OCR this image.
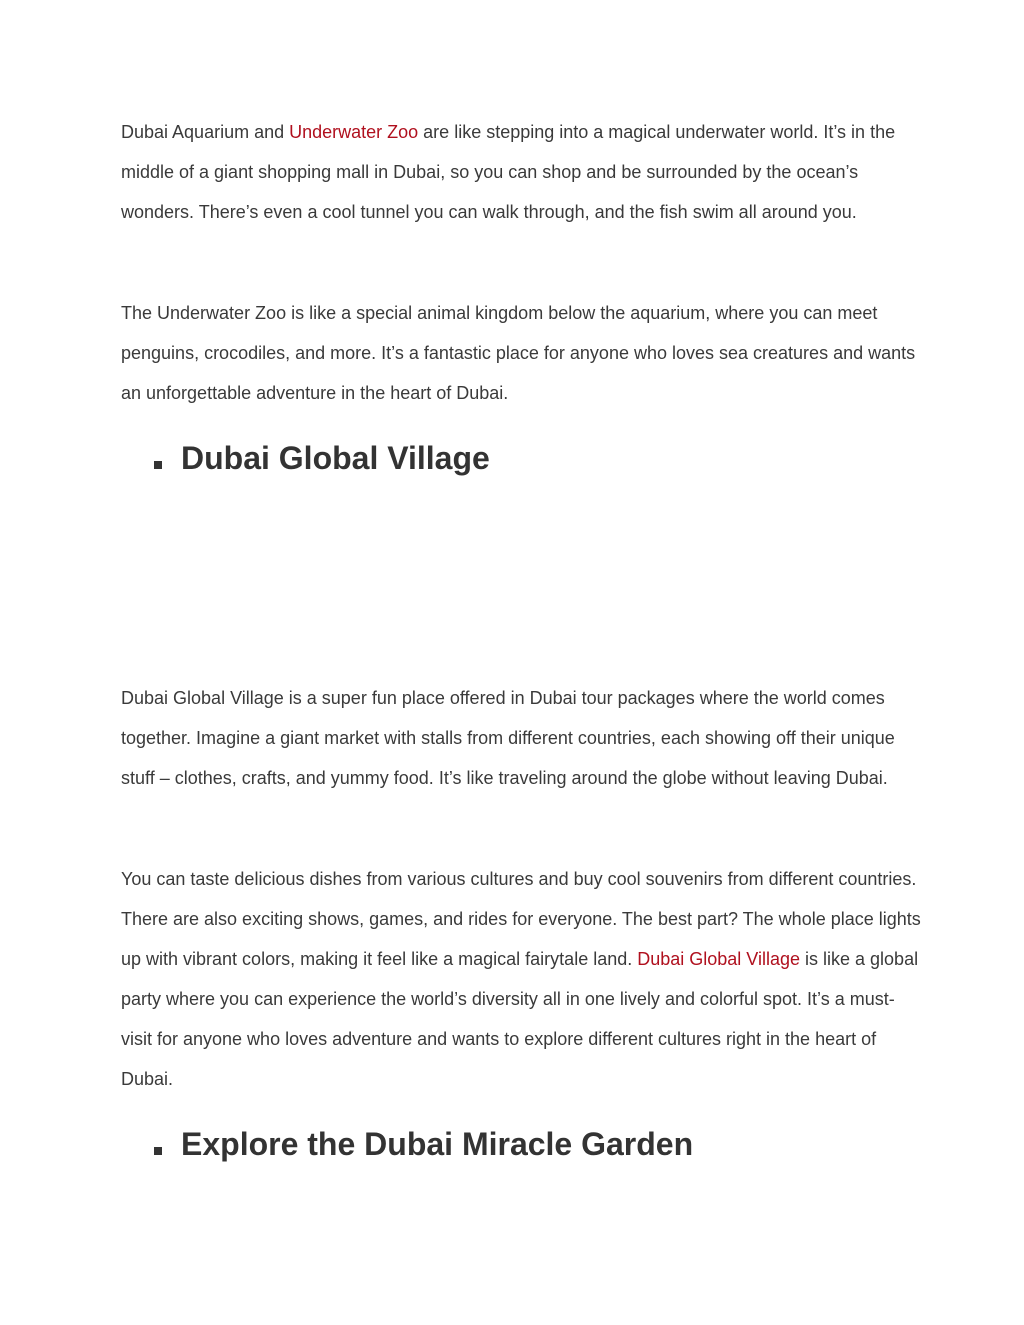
Dubai Aquarium and Underwater Zoo are like stepping into a magical underwater world. It’s in the middle of a giant shopping mall in Dubai, so you can shop and be surrounded by the ocean’s wonders. There’s even a cool tunnel you can walk through, and the fish swim all around you.

The Underwater Zoo is like a special animal kingdom below the aquarium, where you can meet penguins, crocodiles, and more. It’s a fantastic place for anyone who loves sea creatures and wants an unforgettable adventure in the heart of Dubai.

Dubai Global Village

Dubai Global Village is a super fun place offered in Dubai tour packages where the world comes together. Imagine a giant market with stalls from different countries, each showing off their unique stuff – clothes, crafts, and yummy food. It’s like traveling around the globe without leaving Dubai.

You can taste delicious dishes from various cultures and buy cool souvenirs from different countries. There are also exciting shows, games, and rides for everyone. The best part? The whole place lights up with vibrant colors, making it feel like a magical fairytale land. Dubai Global Village is like a global party where you can experience the world’s diversity all in one lively and colorful spot. It’s a must-visit for anyone who loves adventure and wants to explore different cultures right in the heart of Dubai.

Explore the Dubai Miracle Garden
